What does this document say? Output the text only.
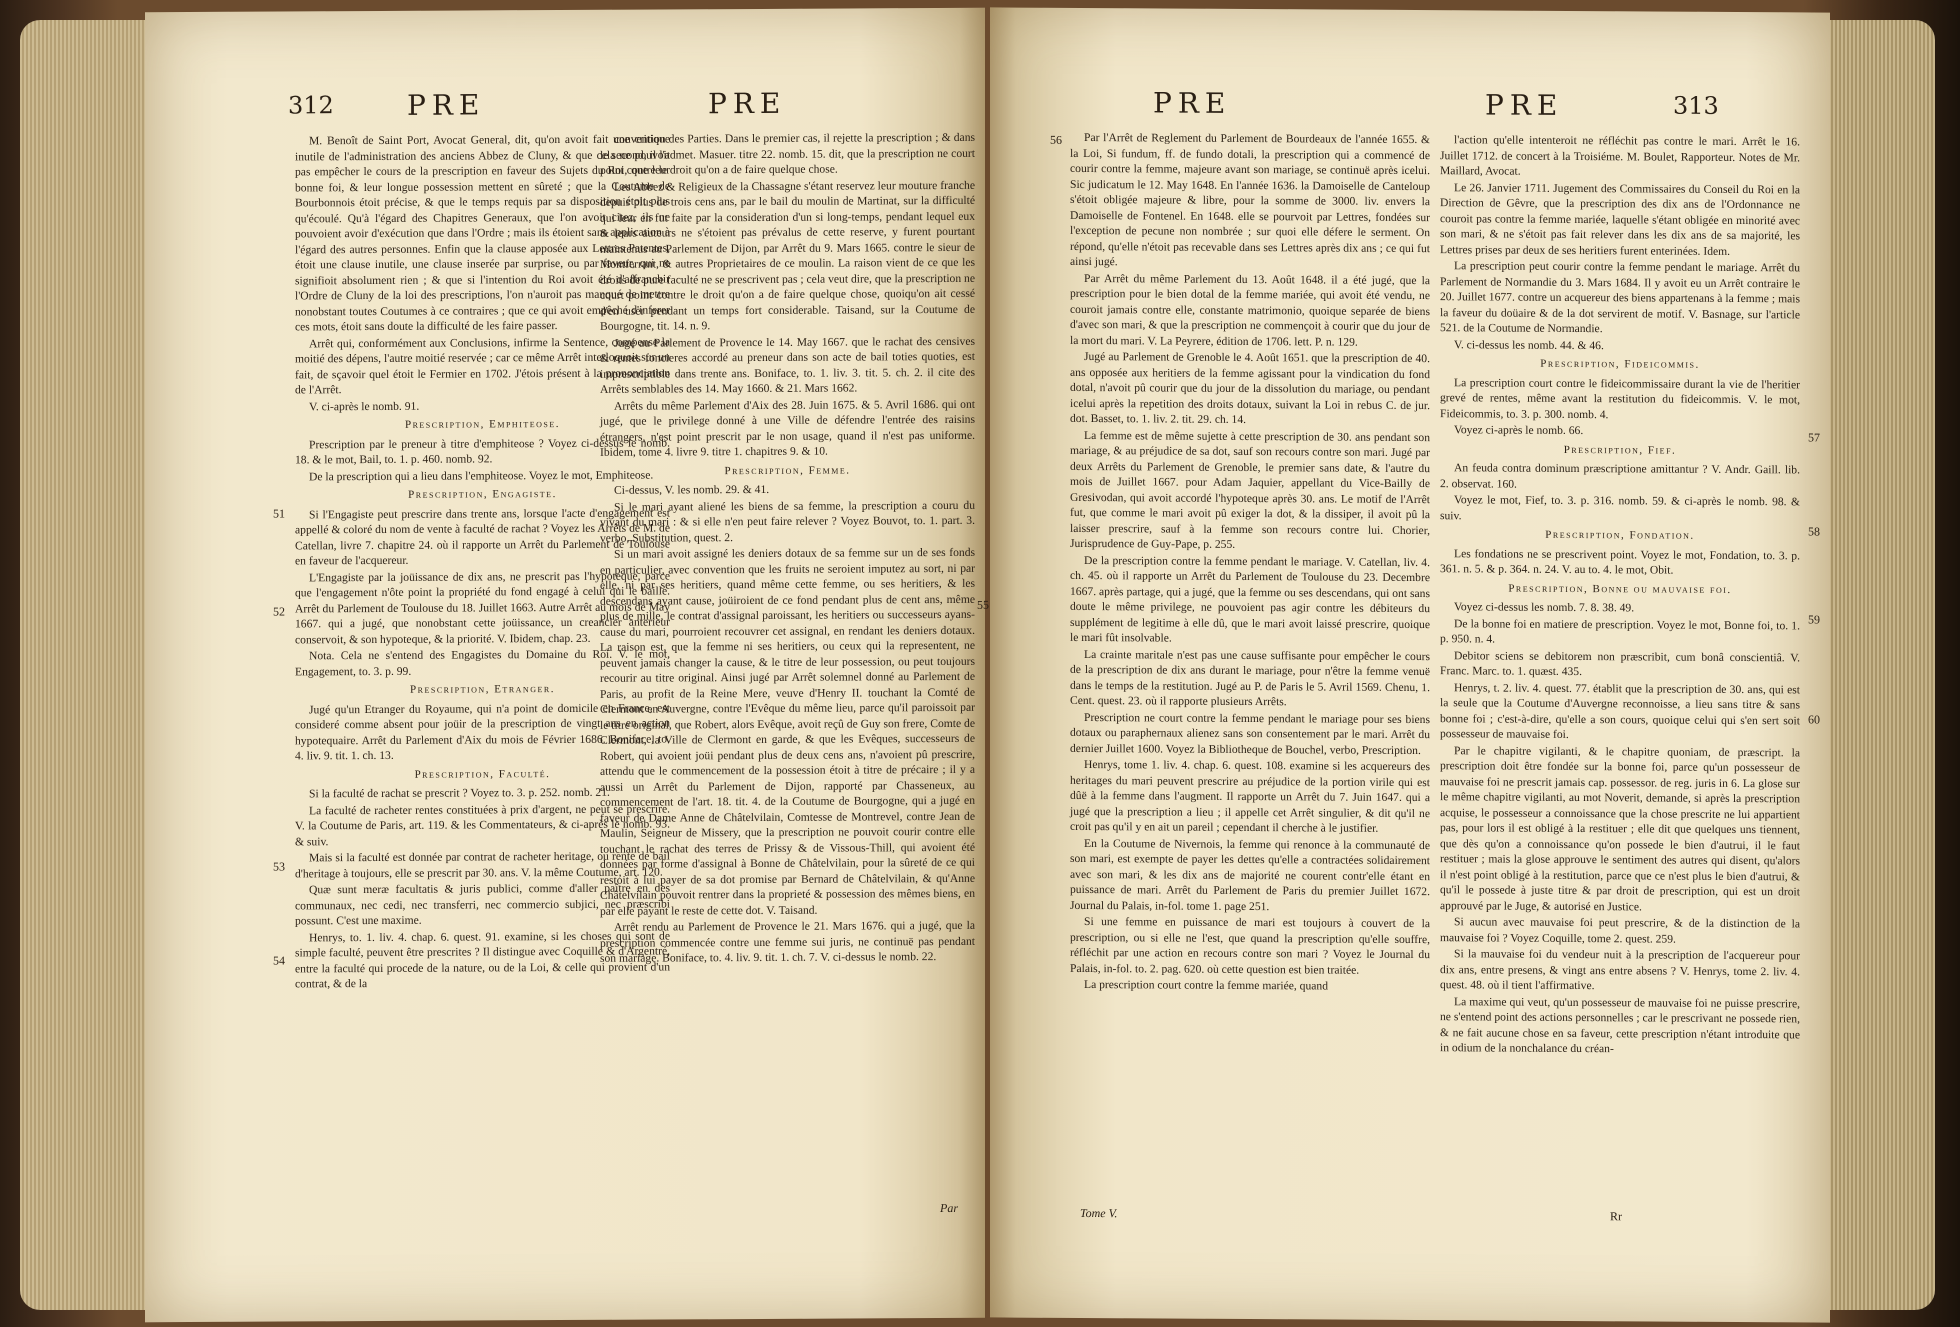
312	PRE	PRE

M. Benoît de Saint Port, Avocat General, dit, qu'on avoit fait une critique inutile de l'administration des anciens Abbez de Cluny, & que cela ne pouvoit pas empêcher le cours de la prescription en faveur des Sujets du Roi, que leur bonne foi, & leur longue possession mettent en sûreté ; que la Coutume de Bourbonnois étoit précise, & que le temps requis par sa disposition étoit plus qu'écoulé. Qu'à l'égard des Chapitres Generaux, que l'on avoit citez, ils ne pouvoient avoir d'exécution que dans l'Ordre ; mais ils étoient sans application à l'égard des autres personnes. Enfin que la clause apposée aux Lettres Patentes, étoit une clause inutile, une clause inserée par surprise, ou par faveur, qui ne signifioit absolument rien ; & que si l'intention du Roi avoit été d'affranchir l'Ordre de Cluny de la loi des prescriptions, l'on n'auroit pas manqué de mettre nonobstant toutes Coutumes à ce contraires ; que ce qui avoit empêché d'inferer ces mots, étoit sans doute la difficulté de les faire passer.

Arrêt qui, conformément aux Conclusions, infirme la Sentence, compense la moitié des dépens, l'autre moitié reservée ; car ce même Arrêt interloquoit sur un fait, de sçavoir quel étoit le Fermier en 1702. J'étois présent à la prononciation de l'Arrêt.

V. ci-après le nomb. 91.

Prescription, Emphiteose.

Prescription par le preneur à titre d'emphiteose ? Voyez ci-dessus le nomb. 18. & le mot, Bail, to. 1. p. 460. nomb. 92.

De la prescription qui a lieu dans l'emphiteose. Voyez le mot, Emphiteose.

Prescription, Engagiste.

Si l'Engagiste peut prescrire dans trente ans, lorsque l'acte d'engagement est appellé & coloré du nom de vente à faculté de rachat ? Voyez les Arrêts de M. de Catellan, livre 7. chapitre 24. où il rapporte un Arrêt du Parlement de Toulouse en faveur de l'acquereur.

L'Engagiste par la joüissance de dix ans, ne prescrit pas l'hypoteque, parce que l'engagement n'ôte point la propriété du fond engagé à celui qui le baille. Arrêt du Parlement de Toulouse du 18. Juillet 1663. Autre Arrêt au mois de May 1667. qui a jugé, que nonobstant cette joüissance, un creancier anterieur conservoit, & son hypoteque, & la priorité. V. Ibidem, chap. 23.

Nota. Cela ne s'entend des Engagistes du Domaine du Roi. V. le mot, Engagement, to. 3. p. 99.

Prescription, Etranger.

Jugé qu'un Etranger du Royaume, qui n'a point de domicile en France, est consideré comme absent pour joüir de la prescription de vingt ans en action hypotequaire. Arrêt du Parlement d'Aix du mois de Février 1686. Boniface, to. 4. liv. 9. tit. 1. ch. 13.

Prescription, Faculté.

Si la faculté de rachat se prescrit ? Voyez to. 3. p. 252. nomb. 21.

La faculté de racheter rentes constituées à prix d'argent, ne peut se prescrire. V. la Coutume de Paris, art. 119. & les Commentateurs, & ci-après le nomb. 93. & suiv.

Mais si la faculté est donnée par contrat de racheter heritage, ou rente de bail d'heritage à toujours, elle se prescrit par 30. ans. V. la même Coutume, art. 120.

Quæ sunt meræ facultatis & juris publici, comme d'aller paître en des communaux, nec cedi, nec transferri, nec commercio subjici, nec præscribi possunt. C'est une maxime.

Henrys, to. 1. liv. 4. chap. 6. quest. 91. examine, si les choses qui sont de simple faculté, peuvent être prescrites ? Il distingue avec Coquille & d'Argentré, entre la faculté qui procede de la nature, ou de la Loi, & celle qui provient d'un contrat, & de la

convention des Parties. Dans le premier cas, il rejette la prescription ; & dans le second, il l'admet. Masuer. titre 22. nomb. 15. dit, que la prescription ne court point contre le droit qu'on a de faire quelque chose.

Les Abbez & Religieux de la Chassagne s'étant reservez leur mouture franche depuis plus de trois cens ans, par le bail du moulin de Martinat, sur la difficulté qui leur en fut faite par la consideration d'un si long-temps, pendant lequel eux & leurs auteurs ne s'étoient pas prévalus de cette reserve, y furent pourtant maintenus au Parlement de Dijon, par Arrêt du 9. Mars 1665. contre le sieur de Montferrant, & autres Proprietaires de ce moulin. La raison vient de ce que les droits de pure faculté ne se prescrivent pas ; cela veut dire, que la prescription ne court point contre le droit qu'on a de faire quelque chose, quoiqu'on ait cessé d'en user pendant un temps fort considerable. Taisand, sur la Coutume de Bourgogne, tit. 14. n. 9.

Jugé au Parlement de Provence le 14. May 1667. que le rachat des censives & rentes foncieres accordé au preneur dans son acte de bail toties quoties, est imprescriptible dans trente ans. Boniface, to. 1. liv. 3. tit. 5. ch. 2. il cite des Arrêts semblables des 14. May 1660. & 21. Mars 1662.

Arrêts du même Parlement d'Aix des 28. Juin 1675. & 5. Avril 1686. qui ont jugé, que le privilege donné à une Ville de défendre l'entrée des raisins étrangers, n'est point prescrit par le non usage, quand il n'est pas uniforme. Ibidem, tome 4. livre 9. titre 1. chapitres 9. & 10.

Prescription, Femme.

Ci-dessus, V. les nomb. 29. & 41.

Si le mari ayant aliené les biens de sa femme, la prescription a couru du vivant du mari : & si elle n'en peut faire relever ? Voyez Bouvot, to. 1. part. 3. verbo, Substitution, quest. 2.

Si un mari avoit assigné les deniers dotaux de sa femme sur un de ses fonds en particulier, avec convention que les fruits ne seroient imputez au sort, ni par elle, ni par ses heritiers, quand même cette femme, ou ses heritiers, & les descendans ayant cause, joüiroient de ce fond pendant plus de cent ans, même plus de mille, le contrat d'assignal paroissant, les heritiers ou successeurs ayans-cause du mari, pourroient recouvrer cet assignal, en rendant les deniers dotaux. La raison est, que la femme ni ses heritiers, ou ceux qui la representent, ne peuvent jamais changer la cause, & le titre de leur possession, ou peut toujours recourir au titre original. Ainsi jugé par Arrêt solemnel donné au Parlement de Paris, au profit de la Reine Mere, veuve d'Henry II. touchant la Comté de Clermont en Auvergne, contre l'Evêque du même lieu, parce qu'il paroissoit par le titre original, que Robert, alors Evêque, avoit reçû de Guy son frere, Comte de Clermont, la Ville de Clermont en garde, & que les Evêques, successeurs de Robert, qui avoient joüi pendant plus de deux cens ans, n'avoient pû prescrire, attendu que le commencement de la possession étoit à titre de précaire ; il y a aussi un Arrêt du Parlement de Dijon, rapporté par Chasseneux, au commencement de l'art. 18. tit. 4. de la Coutume de Bourgogne, qui a jugé en faveur de Dame Anne de Châtelvilain, Comtesse de Montrevel, contre Jean de Maulin, Seigneur de Missery, que la prescription ne pouvoit courir contre elle touchant le rachat des terres de Prissy & de Vissous-Thill, qui avoient été données par forme d'assignal à Bonne de Châtelvilain, pour la sûreté de ce qui restoit à lui payer de sa dot promise par Bernard de Châtelvilain, & qu'Anne Châtelvilain pouvoit rentrer dans la proprieté & possession des mêmes biens, en par elle payant le reste de cette dot. V. Taisand.

Arrêt rendu au Parlement de Provence le 21. Mars 1676. qui a jugé, que la prescription commencée contre une femme sui juris, ne continuë pas pendant son mariage. Boniface, to. 4. liv. 9. tit. 1. ch. 7. V. ci-dessus le nomb. 22.

51
52
53
54
55
Par
PRE	PRE	313

Par l'Arrêt de Reglement du Parlement de Bourdeaux de l'année 1655. & la Loi, Si fundum, ff. de fundo dotali, la prescription qui a commencé de courir contre la femme, majeure avant son mariage, se continuë après icelui. Sic judicatum le 12. May 1648. En l'année 1636. la Damoiselle de Canteloup s'étoit obligée majeure & libre, pour la somme de 3000. liv. envers la Damoiselle de Fontenel. En 1648. elle se pourvoit par Lettres, fondées sur l'exception de pecune non nombrée ; sur quoi elle défere le serment. On répond, qu'elle n'étoit pas recevable dans ses Lettres après dix ans ; ce qui fut ainsi jugé.

Par Arrêt du même Parlement du 13. Août 1648. il a été jugé, que la prescription pour le bien dotal de la femme mariée, qui avoit été vendu, ne couroit jamais contre elle, constante matrimonio, quoique separée de biens d'avec son mari, & que la prescription ne commençoit à courir que du jour de la mort du mari. V. La Peyrere, édition de 1706. lett. P. n. 129.

Jugé au Parlement de Grenoble le 4. Août 1651. que la prescription de 40. ans opposée aux heritiers de la femme agissant pour la vindication du fond dotal, n'avoit pû courir que du jour de la dissolution du mariage, ou pendant icelui après la repetition des droits dotaux, suivant la Loi in rebus C. de jur. dot. Basset, to. 1. liv. 2. tit. 29. ch. 14.

La femme est de même sujette à cette prescription de 30. ans pendant son mariage, & au préjudice de sa dot, sauf son recours contre son mari. Jugé par deux Arrêts du Parlement de Grenoble, le premier sans date, & l'autre du mois de Juillet 1667. pour Adam Jaquier, appellant du Vice-Bailly de Gresivodan, qui avoit accordé l'hypoteque après 30. ans. Le motif de l'Arrêt fut, que comme le mari avoit pû exiger la dot, & la dissiper, il avoit pû la laisser prescrire, sauf à la femme son recours contre lui. Chorier, Jurisprudence de Guy-Pape, p. 255.

De la prescription contre la femme pendant le mariage. V. Catellan, liv. 4. ch. 45. où il rapporte un Arrêt du Parlement de Toulouse du 23. Decembre 1667. après partage, qui a jugé, que la femme ou ses descendans, qui ont sans doute le même privilege, ne pouvoient pas agir contre les débiteurs du supplément de legitime à elle dû, que le mari avoit laissé prescrire, quoique le mari fût insolvable.

La crainte maritale n'est pas une cause suffisante pour empêcher le cours de la prescription de dix ans durant le mariage, pour n'être la femme venuë dans le temps de la restitution. Jugé au P. de Paris le 5. Avril 1569. Chenu, 1. Cent. quest. 23. où il rapporte plusieurs Arrêts.

Prescription ne court contre la femme pendant le mariage pour ses biens dotaux ou paraphernaux alienez sans son consentement par le mari. Arrêt du dernier Juillet 1600. Voyez la Bibliotheque de Bouchel, verbo, Prescription.

Henrys, tome 1. liv. 4. chap. 6. quest. 108. examine si les acquereurs des heritages du mari peuvent prescrire au préjudice de la portion virile qui est dûë à la femme dans l'augment. Il rapporte un Arrêt du 7. Juin 1647. qui a jugé que la prescription a lieu ; il appelle cet Arrêt singulier, & dit qu'il ne croit pas qu'il y en ait un pareil ; cependant il cherche à le justifier.

En la Coutume de Nivernois, la femme qui renonce à la communauté de son mari, est exempte de payer les dettes qu'elle a contractées solidairement avec son mari, & les dix ans de majorité ne courent contr'elle étant en puissance de mari. Arrêt du Parlement de Paris du premier Juillet 1672. Journal du Palais, in-fol. tome 1. page 251.

Si une femme en puissance de mari est toujours à couvert de la prescription, ou si elle ne l'est, que quand la prescription qu'elle souffre, réfléchit par une action en recours contre son mari ? Voyez le Journal du Palais, in-fol. to. 2. pag. 620. où cette question est bien traitée.

La prescription court contre la femme mariée, quand

l'action qu'elle intenteroit ne réfléchit pas contre le mari. Arrêt le 16. Juillet 1712. de concert à la Troisiéme. M. Boulet, Rapporteur. Notes de Mr. Maillard, Avocat.

Le 26. Janvier 1711. Jugement des Commissaires du Conseil du Roi en la Direction de Gêvre, que la prescription des dix ans de l'Ordonnance ne couroit pas contre la femme mariée, laquelle s'étant obligée en minorité avec son mari, & ne s'étoit pas fait relever dans les dix ans de sa majorité, les Lettres prises par deux de ses heritiers furent enterinées. Idem.

La prescription peut courir contre la femme pendant le mariage. Arrêt du Parlement de Normandie du 3. Mars 1684. Il y avoit eu un Arrêt contraire le 20. Juillet 1677. contre un acquereur des biens appartenans à la femme ; mais la faveur du doüaire & de la dot servirent de motif. V. Basnage, sur l'article 521. de la Coutume de Normandie.

V. ci-dessus les nomb. 44. & 46.

Prescription, Fideicommis.

La prescription court contre le fideicommissaire durant la vie de l'heritier grevé de rentes, même avant la restitution du fideicommis. V. le mot, Fideicommis, to. 3. p. 300. nomb. 4.

Voyez ci-après le nomb. 66.

Prescription, Fief.

An feuda contra dominum præscriptione amittantur ? V. Andr. Gaill. lib. 2. observat. 160.

Voyez le mot, Fief, to. 3. p. 316. nomb. 59. & ci-après le nomb. 98. & suiv.

Prescription, Fondation.

Les fondations ne se prescrivent point. Voyez le mot, Fondation, to. 3. p. 361. n. 5. & p. 364. n. 24. V. au to. 4. le mot, Obit.

Prescription, Bonne ou mauvaise foi.

Voyez ci-dessus les nomb. 7. 8. 38. 49.

De la bonne foi en matiere de prescription. Voyez le mot, Bonne foi, to. 1. p. 950. n. 4.

Debitor sciens se debitorem non præscribit, cum bonâ conscientiâ. V. Franc. Marc. to. 1. quæst. 435.

Henrys, t. 2. liv. 4. quest. 77. établit que la prescription de 30. ans, qui est la seule que la Coutume d'Auvergne reconnoisse, a lieu sans titre & sans bonne foi ; c'est-à-dire, qu'elle a son cours, quoique celui qui s'en sert soit possesseur de mauvaise foi.

Par le chapitre vigilanti, & le chapitre quoniam, de præscript. la prescription doit être fondée sur la bonne foi, parce qu'un possesseur de mauvaise foi ne prescrit jamais cap. possessor. de reg. juris in 6. La glose sur le même chapitre vigilanti, au mot Noverit, demande, si après la prescription acquise, le possesseur a connoissance que la chose prescrite ne lui appartient pas, pour lors il est obligé à la restituer ; elle dit que quelques uns tiennent, que dès qu'on a connoissance qu'on possede le bien d'autrui, il le faut restituer ; mais la glose approuve le sentiment des autres qui disent, qu'alors il n'est point obligé à la restitution, parce que ce n'est plus le bien d'autrui, & qu'il le possede à juste titre & par droit de prescription, qui est un droit approuvé par le Juge, & autorisé en Justice.

Si aucun avec mauvaise foi peut prescrire, & de la distinction de la mauvaise foi ? Voyez Coquille, tome 2. quest. 259.

Si la mauvaise foi du vendeur nuit à la prescription de l'acquereur pour dix ans, entre presens, & vingt ans entre absens ? V. Henrys, tome 2. liv. 4. quest. 48. où il tient l'affirmative.

La maxime qui veut, qu'un possesseur de mauvaise foi ne puisse prescrire, ne s'entend point des actions personnelles ; car le prescrivant ne possede rien, & ne fait aucune chose en sa faveur, cette prescription n'étant introduite que in odium de la nonchalance du créan-

56
57
58
59
60
Tome V.	Rr
